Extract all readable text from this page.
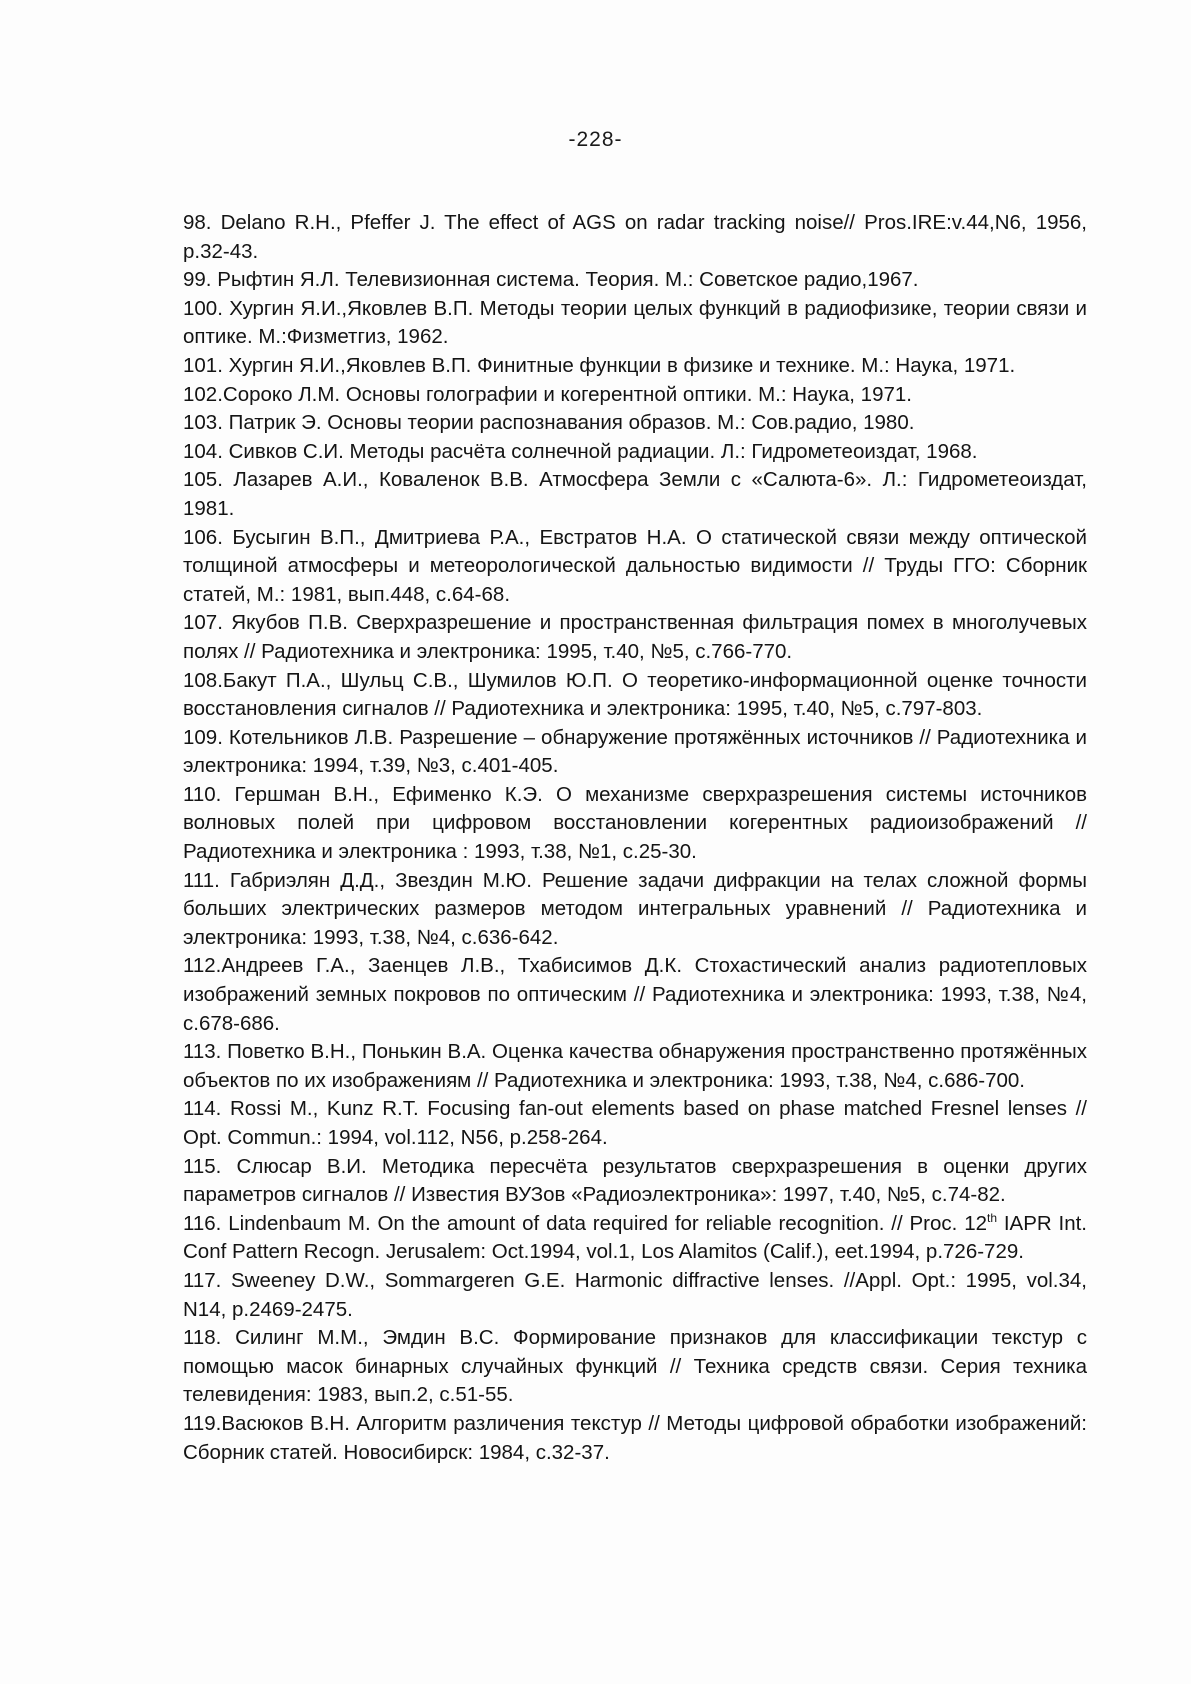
-228-
98. Delano R.H., Pfeffer J. The effect of AGS on radar tracking noise// Pros.IRE:v.44,N6, 1956, p.32-43.
99. Рыфтин Я.Л. Телевизионная система. Теория. М.: Советское радио,1967.
100. Хургин Я.И.,Яковлев В.П. Методы теории целых функций в радиофизике, теории связи и оптике. М.:Физметгиз, 1962.
101. Хургин Я.И.,Яковлев В.П. Финитные функции в физике и технике. М.: Наука, 1971.
102.Сороко Л.М. Основы голографии и когерентной оптики. М.: Наука, 1971.
103. Патрик Э. Основы теории распознавания образов. М.: Сов.радио, 1980.
104. Сивков С.И. Методы расчёта солнечной радиации. Л.: Гидрометеоиздат, 1968.
105. Лазарев А.И., Коваленок В.В. Атмосфера Земли с «Салюта-6». Л.: Гидрометеоиздат, 1981.
106. Бусыгин В.П., Дмитриева Р.А., Евстратов Н.А. О статической связи между оптической толщиной атмосферы и метеорологической дальностью видимости // Труды ГГО: Сборник статей, М.: 1981, вып.448, с.64-68.
107. Якубов П.В. Сверхразрешение и пространственная фильтрация помех в многолучевых полях // Радиотехника и электроника: 1995, т.40, №5, с.766-770.
108.Бакут П.А., Шульц С.В., Шумилов Ю.П. О теоретико-информационной оценке точности восстановления сигналов // Радиотехника и электроника: 1995, т.40, №5, с.797-803.
109. Котельников Л.В. Разрешение – обнаружение протяжённых источников // Радиотехника и электроника: 1994, т.39, №3, с.401-405.
110. Гершман В.Н., Ефименко К.Э. О механизме сверхразрешения системы источников волновых полей при цифровом восстановлении когерентных радиоизображений // Радиотехника и электроника : 1993, т.38, №1, с.25-30.
111. Габриэлян Д.Д., Звездин М.Ю. Решение задачи дифракции на телах сложной формы больших электрических размеров методом интегральных уравнений // Радиотехника и электроника: 1993, т.38, №4, с.636-642.
112.Андреев Г.А., Заенцев Л.В., Тхабисимов Д.К. Стохастический анализ радиотепловых изображений земных покровов по оптическим // Радиотехника и электроника: 1993, т.38, №4, с.678-686.
113. Поветко В.Н., Понькин В.А. Оценка качества обнаружения пространственно протяжённых объектов по их изображениям // Радиотехника и электроника: 1993, т.38, №4, с.686-700.
114. Rossi M., Kunz R.T. Focusing fan-out elements based on phase matched Fresnel lenses // Opt. Commun.: 1994, vol.112, N56, p.258-264.
115. Слюсар В.И. Методика пересчёта результатов сверхразрешения в оценки других параметров сигналов // Известия ВУЗов «Радиоэлектроника»: 1997, т.40, №5, с.74-82.
116. Lindenbaum M. On the amount of data required for reliable recognition. // Proc. 12th IAPR Int. Conf Pattern Recogn. Jerusalem: Oct.1994, vol.1, Los Alamitos (Calif.), eet.1994, p.726-729.
117. Sweeney D.W., Sommargeren G.E. Harmonic diffractive lenses. //Appl. Opt.: 1995, vol.34, N14, p.2469-2475.
118. Силинг М.М., Эмдин В.С. Формирование признаков для классификации текстур с помощью масок бинарных случайных функций // Техника средств связи. Серия техника телевидения: 1983, вып.2, с.51-55.
119.Васюков В.Н. Алгоритм различения текстур // Методы цифровой обработки изображений: Сборник статей. Новосибирск: 1984, с.32-37.
